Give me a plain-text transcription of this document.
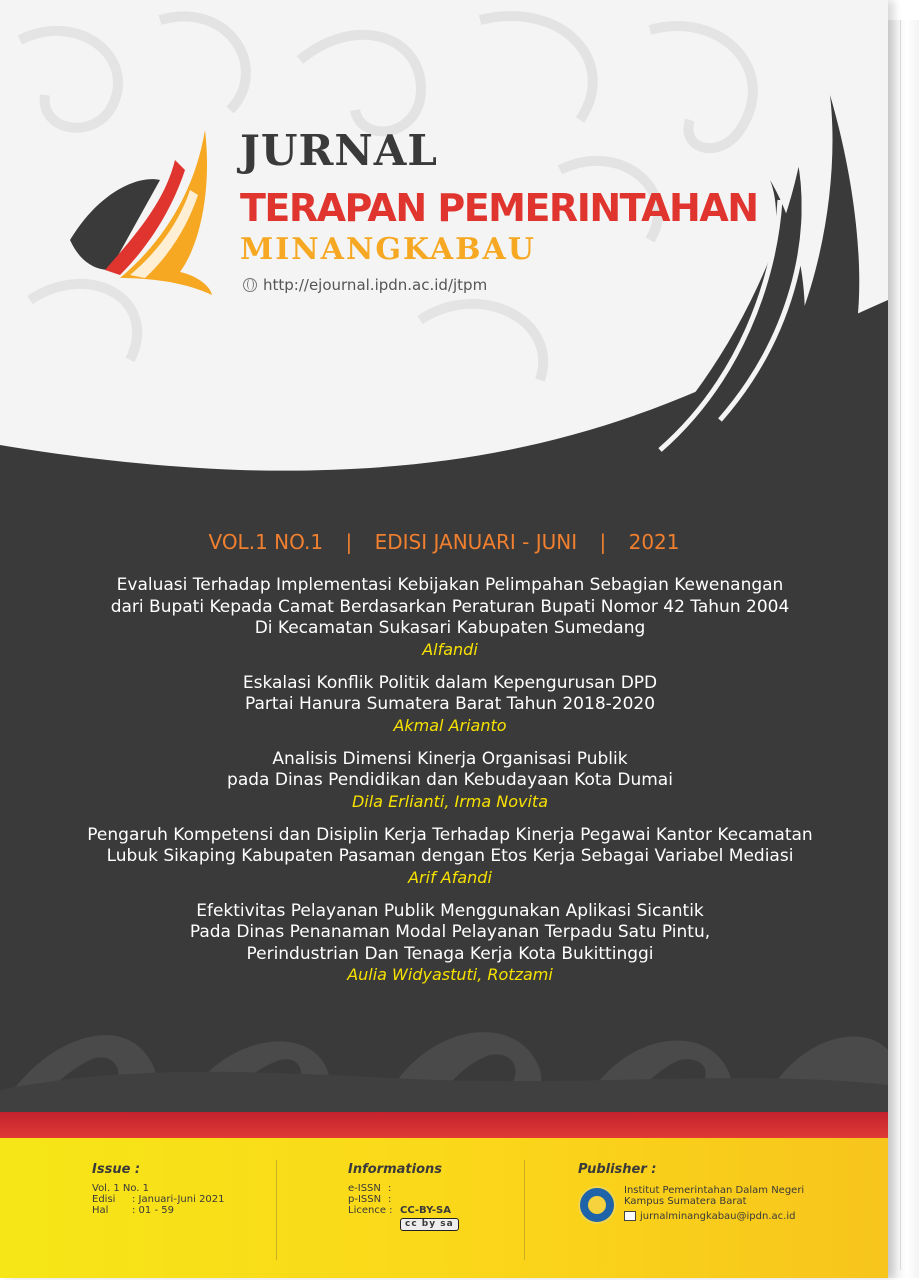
JURNAL
TERAPAN PEMERINTAHAN
MINANGKABAU
http://ejournal.ipdn.ac.id/jtpm
VOL.1 NO.1 | EDISI JANUARI - JUNI | 2021
Evaluasi Terhadap Implementasi Kebijakan Pelimpahan Sebagian Kewenangan
dari Bupati Kepada Camat Berdasarkan Peraturan Bupati Nomor 42 Tahun 2004
Di Kecamatan Sukasari Kabupaten Sumedang
Alfandi
Eskalasi Konflik Politik dalam Kepengurusan DPD
Partai Hanura Sumatera Barat Tahun 2018-2020
Akmal Arianto
Analisis Dimensi Kinerja Organisasi Publik
pada Dinas Pendidikan dan Kebudayaan Kota Dumai
Dila Erlianti, Irma Novita
Pengaruh Kompetensi dan Disiplin Kerja Terhadap Kinerja Pegawai Kantor Kecamatan
Lubuk Sikaping Kabupaten Pasaman dengan Etos Kerja Sebagai Variabel Mediasi
Arif Afandi
Efektivitas Pelayanan Publik Menggunakan Aplikasi Sicantik
Pada Dinas Penanaman Modal Pelayanan Terpadu Satu Pintu,
Perindustrian Dan Tenaga Kerja Kota Bukittinggi
Aulia Widyastuti, Rotzami
Issue :
Vol. 1 No. 1
Edisi	: Januari-Juni 2021
Hal	: 01 - 59
Informations
e-ISSN :
p-ISSN :
Licence : CC-BY-SA
cc by sa
Publisher :
Institut Pemerintahan Dalam Negeri
Kampus Sumatera Barat
jurnalminangkabau@ipdn.ac.id
